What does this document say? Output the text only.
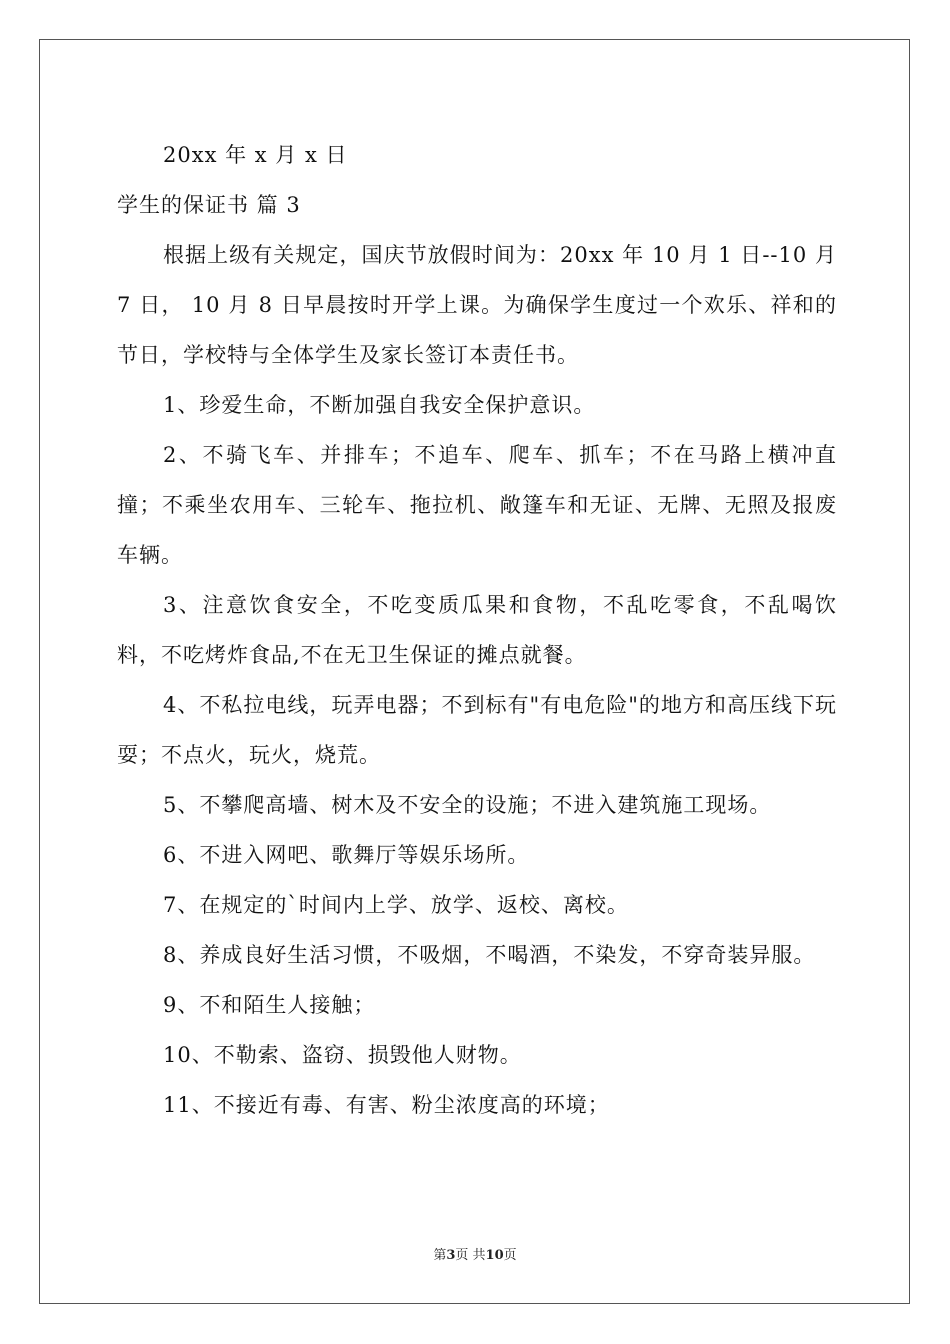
20xx 年 x 月 x 日
学生的保证书 篇 3
根据上级有关规定，国庆节放假时间为：20xx 年 10 月 1 日--10 月 7 日， 10 月 8 日早晨按时开学上课。为确保学生度过一个欢乐、祥和的节日，学校特与全体学生及家长签订本责任书。
1、珍爱生命，不断加强自我安全保护意识。
2、不骑飞车、并排车；不追车、爬车、抓车；不在马路上横冲直撞；不乘坐农用车、三轮车、拖拉机、敞篷车和无证、无牌、无照及报废车辆。
3、注意饮食安全，不吃变质瓜果和食物，不乱吃零食，不乱喝饮料，不吃烤炸食品,不在无卫生保证的摊点就餐。
4、不私拉电线，玩弄电器；不到标有"有电危险"的地方和高压线下玩耍；不点火，玩火，烧荒。
5、不攀爬高墙、树木及不安全的设施；不进入建筑施工现场。
6、不进入网吧、歌舞厅等娱乐场所。
7、在规定的`时间内上学、放学、返校、离校。
8、养成良好生活习惯，不吸烟，不喝酒，不染发，不穿奇装异服。
9、不和陌生人接触；
10、不勒索、盗窃、损毁他人财物。
11、不接近有毒、有害、粉尘浓度高的环境；
第3页 共10页
